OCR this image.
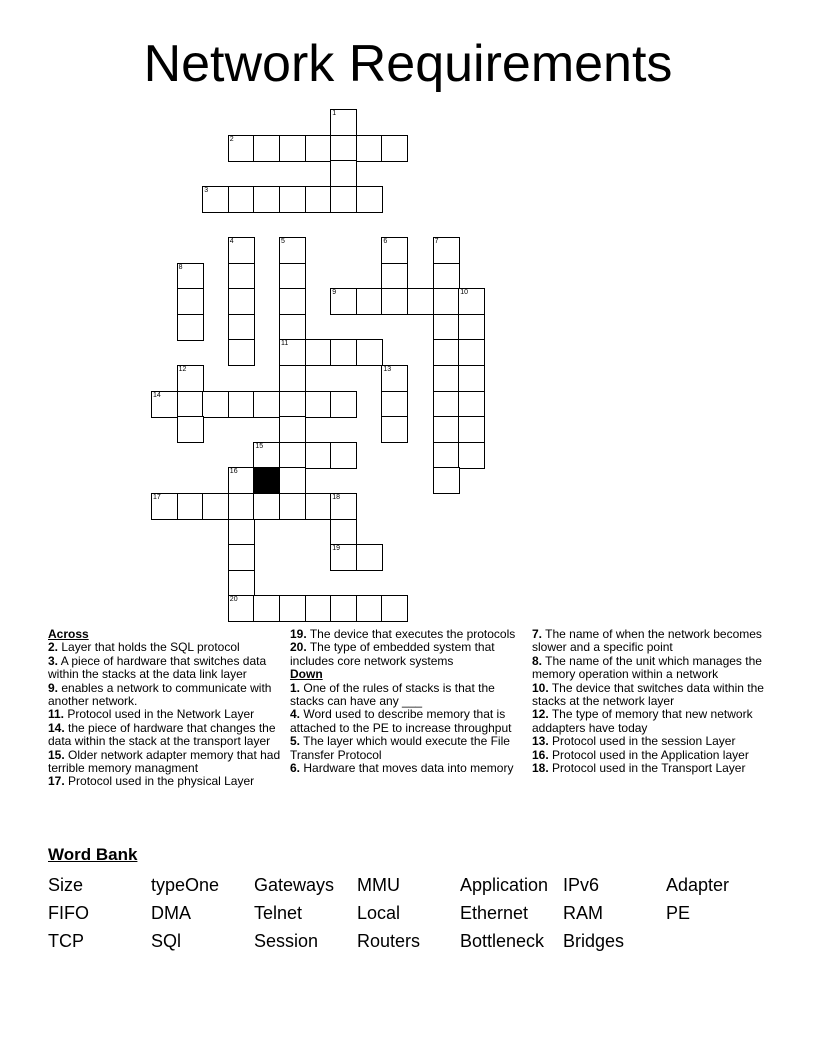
Network Requirements
1
2
3
4	5	6	7
8
9	10
11
12	13
14
15
16
17	18
19
20

Across

2. Layer that holds the SQL protocol

3. A piece of hardware that switches data within the stacks at the data link layer

9. enables a network to communicate with another network.

11. Protocol used in the Network Layer

14. the piece of hardware that changes the data within the stack at the transport layer

15. Older network adapter memory that had terrible memory managment

17. Protocol used in the physical Layer

19. The device that executes the protocols

20. The type of embedded system that includes core network systems

Down

1. One of the rules of stacks is that the stacks can have any ___

4. Word used to describe memory that is attached to the PE to increase throughput

5. The layer which would execute the File Transfer Protocol

6. Hardware that moves data into memory

7. The name of when the network becomes slower and a specific point

8. The name of the unit which manages the memory operation within a network

10. The device that switches data within the stacks at the network layer

12. The type of memory that new network addapters have today

13. Protocol used in the session Layer

16. Protocol used in the Application layer

18. Protocol used in the Transport Layer

Word Bank
Size	typeOne Gateways MMU	Application IPv6	Adapter
FIFO	DMA	Telnet	Local	Ethernet RAM	PE
TCP	SQl	Session Routers Bottleneck Bridges
